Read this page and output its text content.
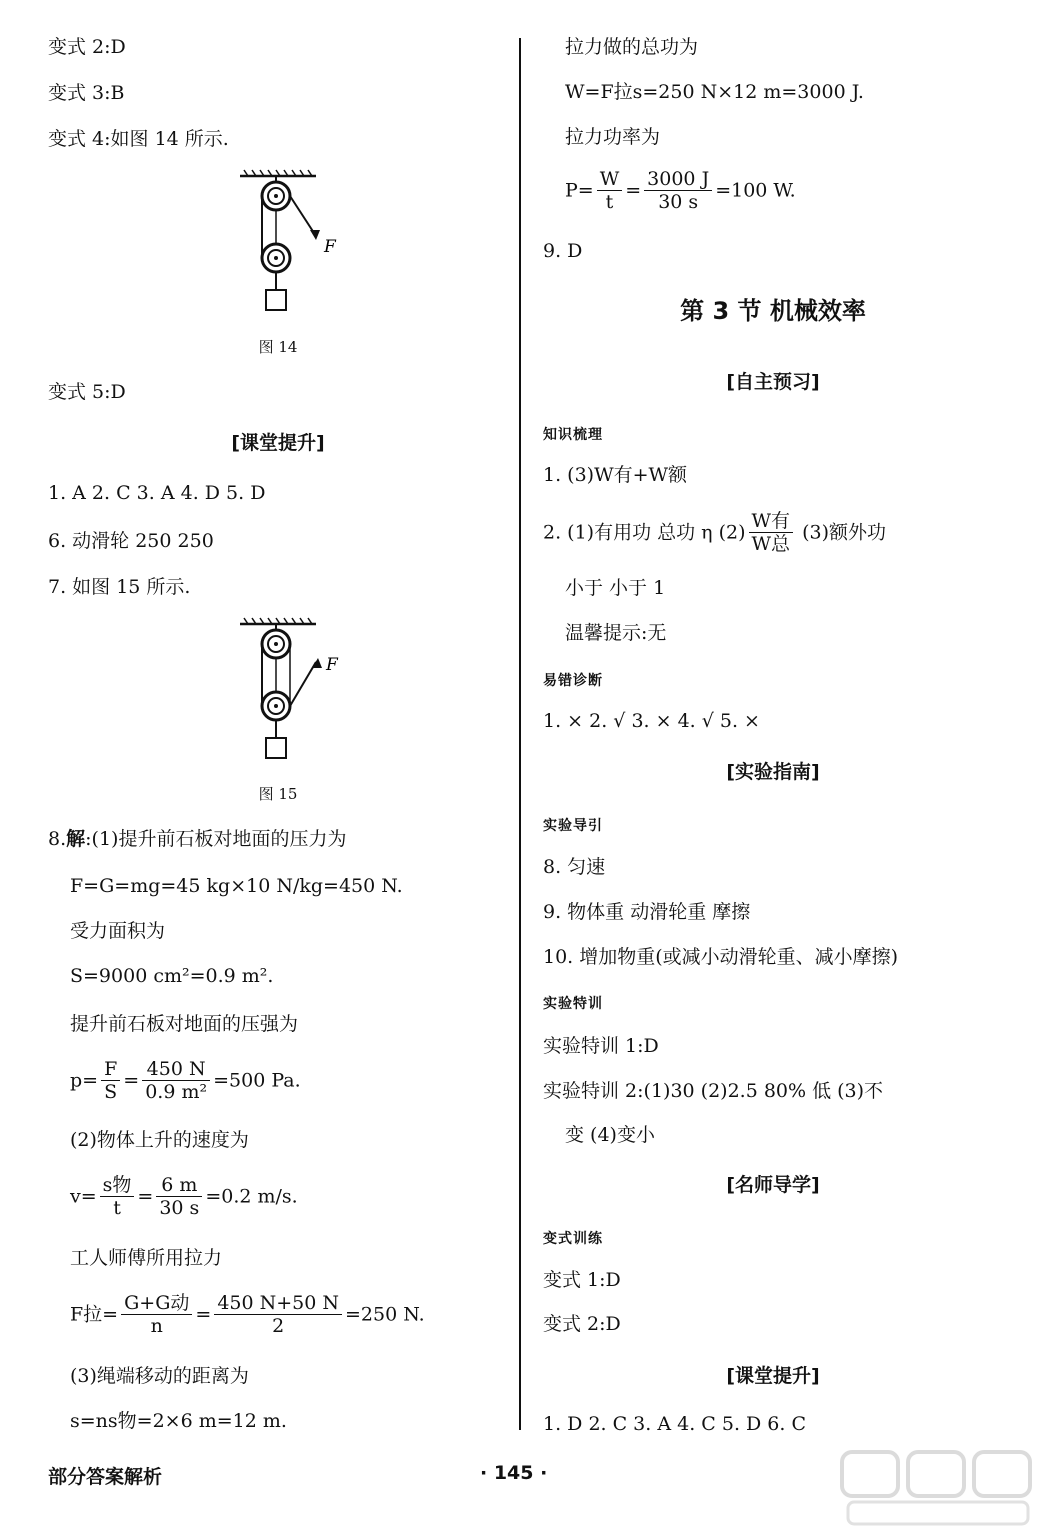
变式 2:D
变式 3:B
变式 4:如图 14 所示.
F
图 14
变式 5:D
[课堂提升]
1. A 2. C 3. A 4. D 5. D
6. 动滑轮 250 250
7. 如图 15 所示.
F
图 15
8.解:(1)提升前石板对地面的压力为
F=G=mg=45 kg×10 N/kg=450 N.
受力面积为
S=9000 cm²=0.9 m².
提升前石板对地面的压强为
$p= \frac{F}{S} = \frac{450 N}{\text{0.9 m²}} =500$ Pa.
(2)物体上升的速度为
$v= \frac{\text{s物}}{t} = \frac{6 m}{30 s} =0.2$ m/s.
工人师傅所用拉力
F拉= $\frac{\text{G+G动}}{n} = \frac{450 N+50 N}{2} =250$ N.
(3)绳端移动的距离为
s=ns物=2×6 m=12 m.
拉力做的总功为
W=F拉s=250 N×12 m=3000 J.
拉力功率为
$P= \frac{W}{t} = \frac{3000 J}{30 s} =100$ W.
9. D
第 3 节 机械效率
[自主预习]
知识梳理
1. (3)W有+W额
2. (1)有用功 总功 η $(2) \frac{\text{W有}}{\text{W总}} (3)$额外功
小于 小于 1
温馨提示:无
易错诊断
1. × 2. √ 3. × 4. √ 5. ×
[实验指南]
实验导引
8. 匀速
9. 物体重 动滑轮重 摩擦
10. 增加物重(或减小动滑轮重、减小摩擦)
实验特训
实验特训 1:D
实验特训 2:(1)30 (2)2.5 80% 低 (3)不
变 (4)变小
[名师导学]
变式训练
变式 1:D
变式 2:D
[课堂提升]
1. D 2. C 3. A 4. C 5. D 6. C
部分答案解析	· 145 ·
